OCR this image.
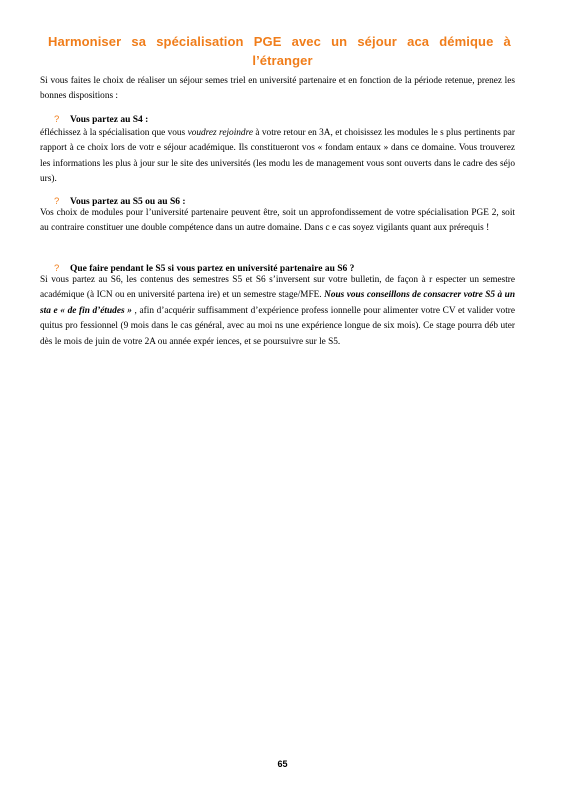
Harmoniser sa spécialisation PGE avec un séjour aca démique à
l’étranger
Si vous faites le choix de réaliser un séjour semes triel en université partenaire et en fonction de la période retenue, prenez les bonnes dispositions :
? Vous partez au S4 :
éfléchissez à la spécialisation que vous voudrez rejoindre à votre retour en 3A, et choisissez les modules le s plus pertinents par rapport à ce choix lors de votr e séjour académique. Ils constitueront vos « fondam entaux » dans ce domaine. Vous trouverez les informations les plus à jour sur le site des universités (les modu les de management vous sont ouverts dans le cadre des séjo urs).
? Vous partez au S5 ou au S6 :
Vos choix de modules pour l’université partenaire peuvent être, soit un approfondissement de votre spécialisation PGE 2, soit au contraire constituer une double compétence dans un autre domaine. Dans c e cas soyez vigilants quant aux prérequis !
? Que faire pendant le S5 si vous partez en université partenaire au S6 ?
Si vous partez au S6, les contenus des semestres S5 et S6 s’inversent sur votre bulletin, de façon à r especter un semestre académique (à ICN ou en université partena ire) et un semestre stage/MFE. Nous vous conseillons de consacrer votre S5 à un sta e « de fin d’études » , afin d’acquérir suffisamment d’expérience profess ionnelle pour alimenter votre CV et valider votre quitus pro fessionnel (9 mois dans le cas général, avec au moi ns une expérience longue de six mois). Ce stage pourra déb uter dès le mois de juin de votre 2A ou année expér iences, et se poursuivre sur le S5.
65
